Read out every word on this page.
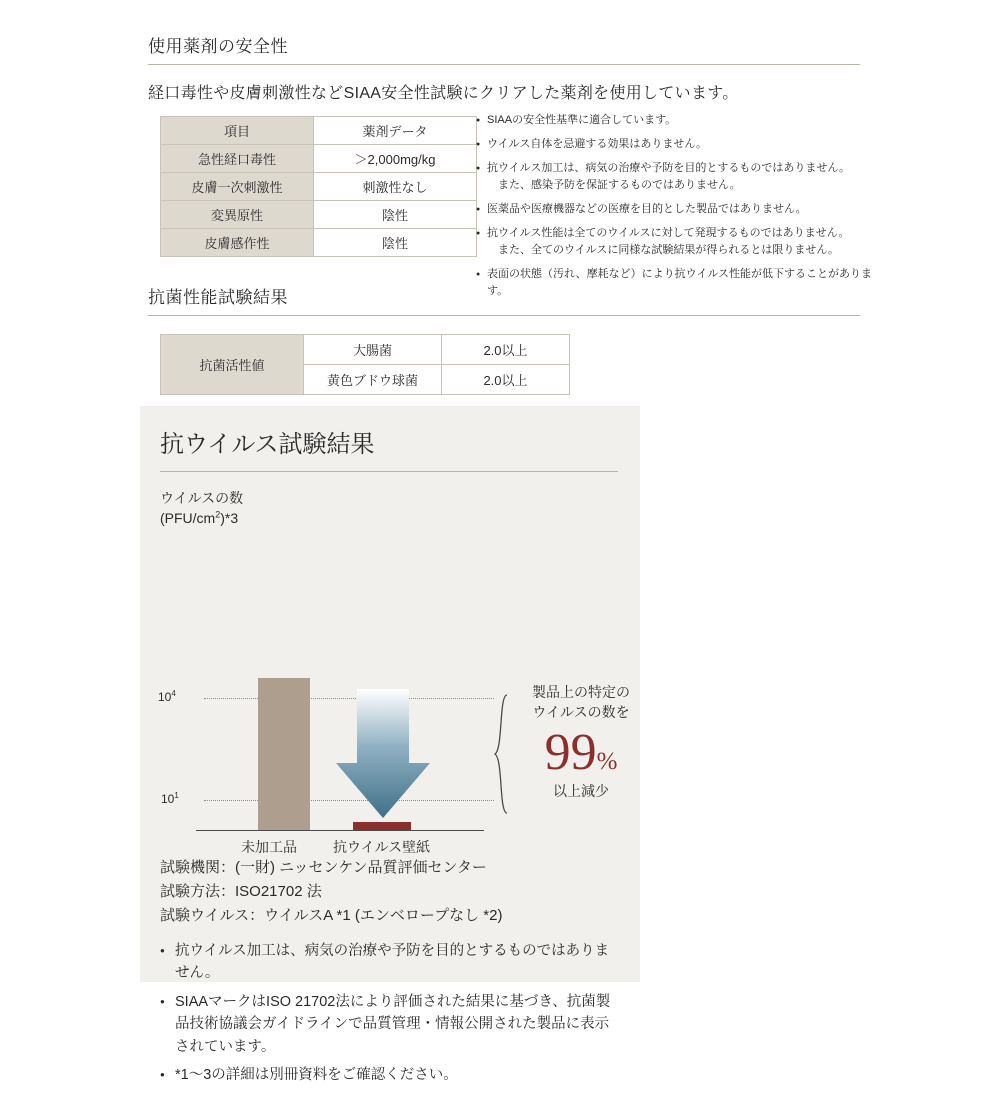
使用薬剤の安全性
経口毒性や皮膚刺激性などSIAA安全性試験にクリアした薬剤を使用しています。
項目	薬剤データ
急性経口毒性	＞2,000mg/kg
皮膚一次刺激性	刺激性なし
変異原性	陰性
皮膚感作性	陰性
● SIAAの安全性基準に適合しています。
● ウイルス自体を忌避する効果はありません。
● 抗ウイルス加工は、病気の治療や予防を目的とするものではありません。
また、感染予防を保証するものではありません。
● 医薬品や医療機器などの医療を目的とした製品ではありません。
● 抗ウイルス性能は全てのウイルスに対して発現するものではありません。
また、全てのウイルスに同様な試験結果が得られるとは限りません。
● 表面の状態（汚れ、摩耗など）により抗ウイルス性能が低下することがあります。
抗菌性能試験結果
抗菌活性値	大腸菌	2.0以上
	黄色ブドウ球菌	2.0以上
抗ウイルス試験結果
ウイルスの数
$(PFU/cm^2)*3$
$10^4$
$10^1$
未加工品	抗ウイルス壁紙
製品上の特定の
ウイルスの数を
99%
以上減少
試験機関：(一財) ニッセンケン品質評価センター
試験方法：ISO21702 法
試験ウイルス：ウイルスA *1 (エンベロープなし *2)
● 抗ウイルス加工は、病気の治療や予防を目的とするものではありません。
● SIAAマークはISO 21702法により評価された結果に基づき、抗菌製品技術協議会ガイドラインで品質管理・情報公開された製品に表示されています。
● *1〜3の詳細は別冊資料をご確認ください。
